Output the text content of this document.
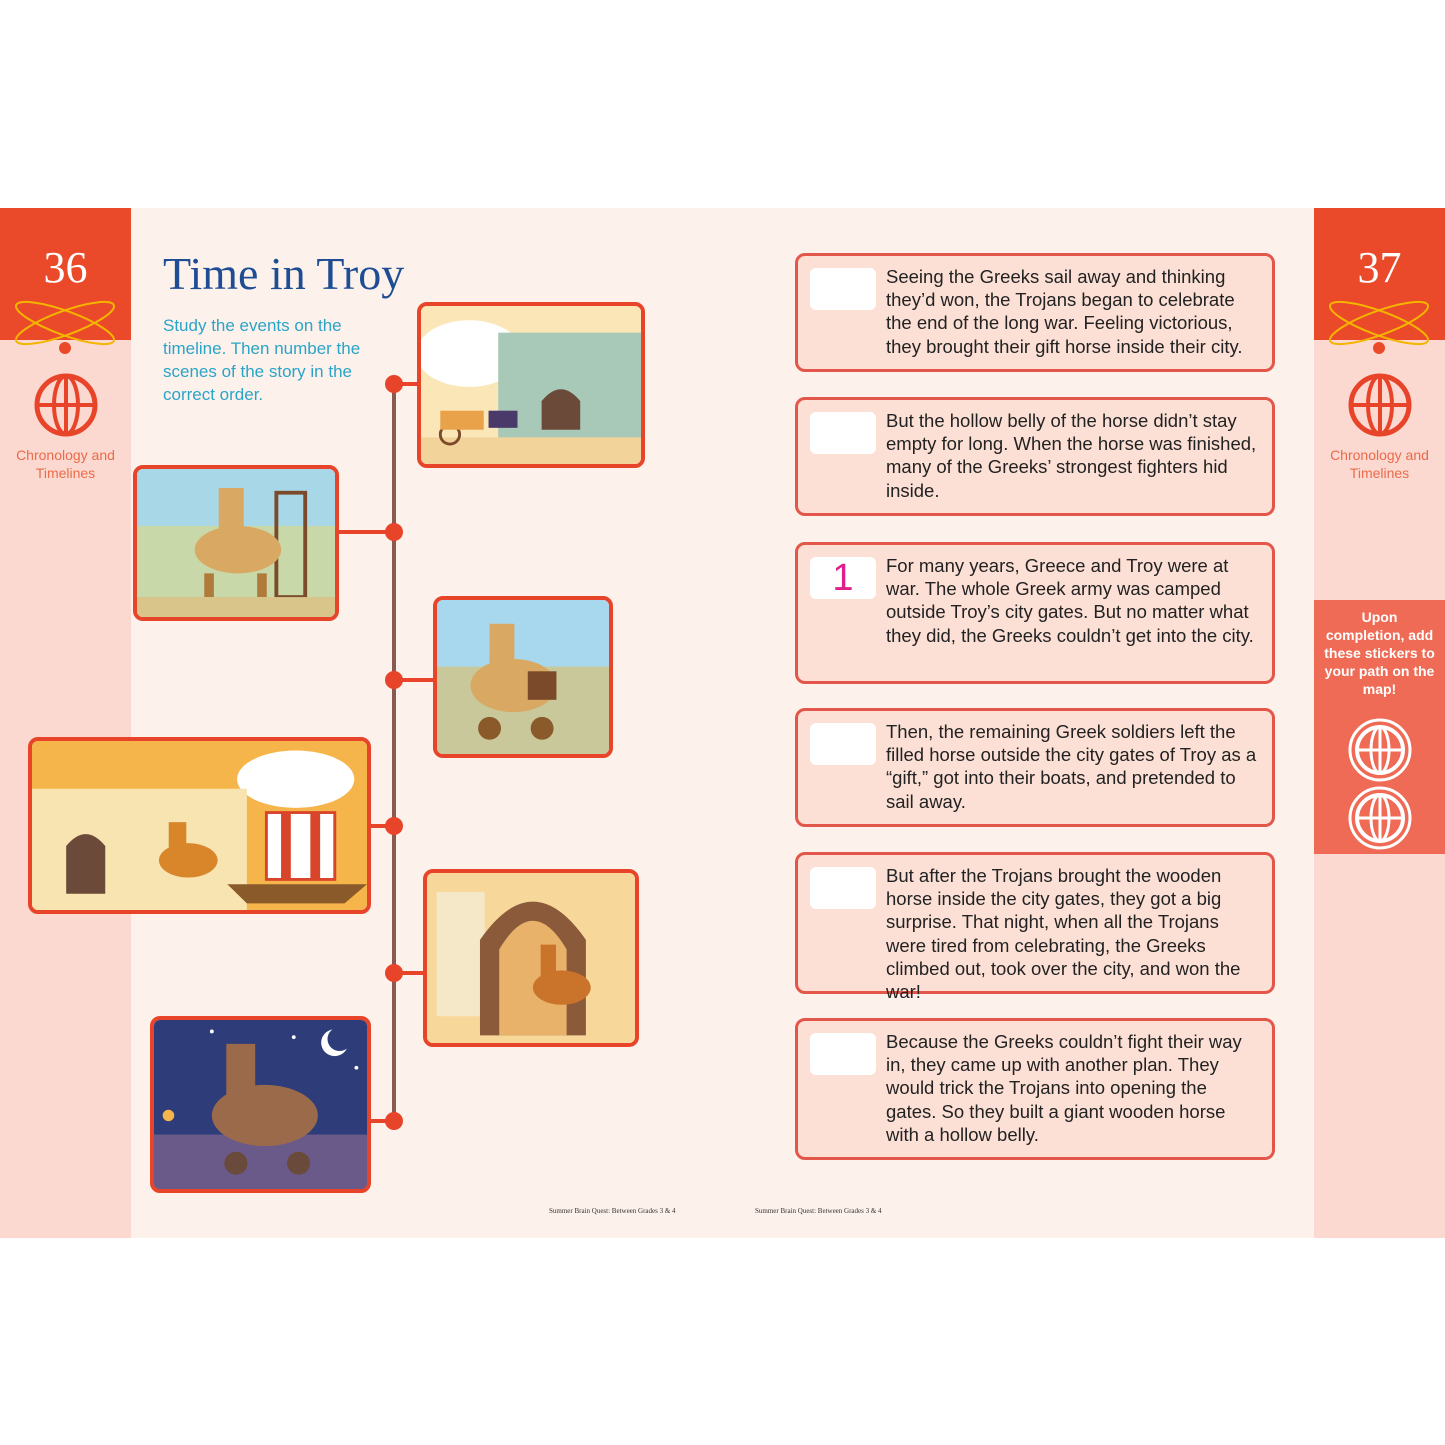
36
Chronology and Timelines
37
Chronology and Timelines
Upon completion, add these stickers to your path on the map!
Time in Troy
Study the events on the timeline. Then number the scenes of the story in the correct order.
Seeing the Greeks sail away and thinking they’d won, the Trojans began to celebrate the end of the long war. Feeling victorious, they brought their gift horse inside their city.
But the hollow belly of the horse didn’t stay empty for long. When the horse was finished, many of the Greeks’ strongest fighters hid inside.
1	For many years, Greece and Troy were at war. The whole Greek army was camped outside Troy’s city gates. But no matter what they did, the Greeks couldn’t get into the city.
Then, the remaining Greek soldiers left the filled horse outside the city gates of Troy as a “gift,” got into their boats, and pretended to sail away.
But after the Trojans brought the wooden horse inside the city gates, they got a big surprise. That night, when all the Trojans were tired from celebrating, the Greeks climbed out, took over the city, and won the war!
Because the Greeks couldn’t fight their way in, they came up with another plan. They would trick the Trojans into opening the gates. So they built a giant wooden horse with a hollow belly.
Summer Brain Quest: Between Grades 3 & 4	Summer Brain Quest: Between Grades 3 & 4
